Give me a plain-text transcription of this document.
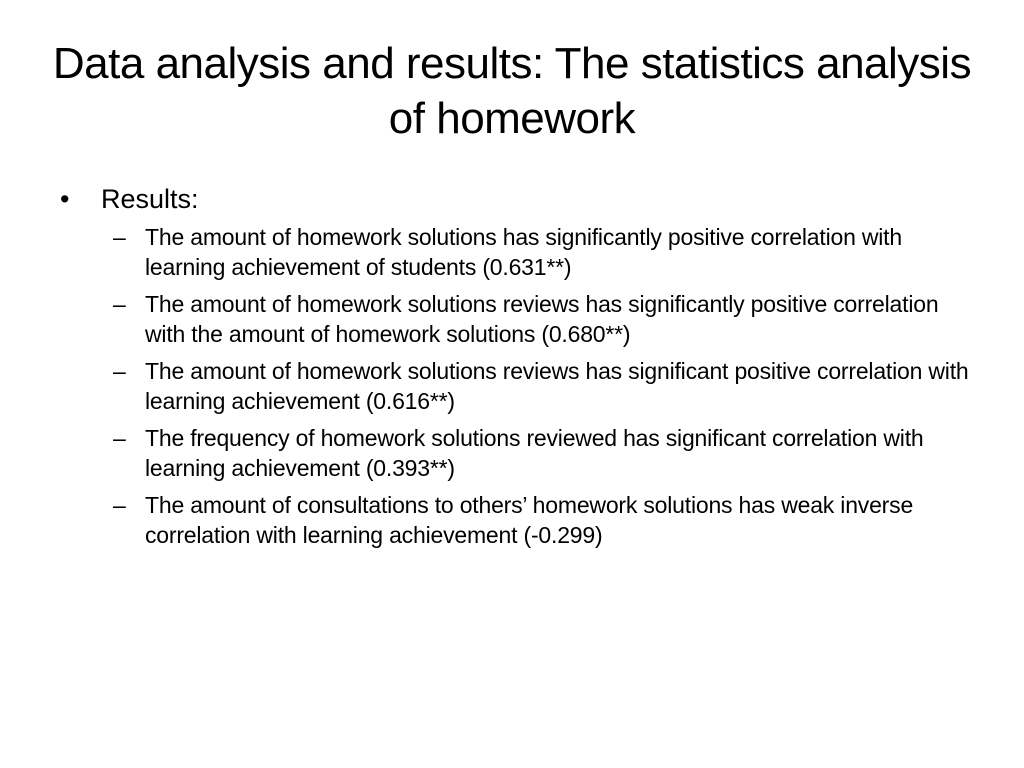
Data analysis and results: The statistics analysis of homework
•	Results:
– The amount of homework solutions has significantly positive correlation with learning achievement of students (0.631**)
– The amount of homework solutions reviews has significantly positive correlation with the amount of homework solutions (0.680**)
– The amount of homework solutions reviews has significant positive correlation with learning achievement (0.616**)
– The frequency of homework solutions reviewed has significant correlation with learning achievement (0.393**)
– The amount of consultations to others’ homework solutions has weak inverse correlation with learning achievement (-0.299)
